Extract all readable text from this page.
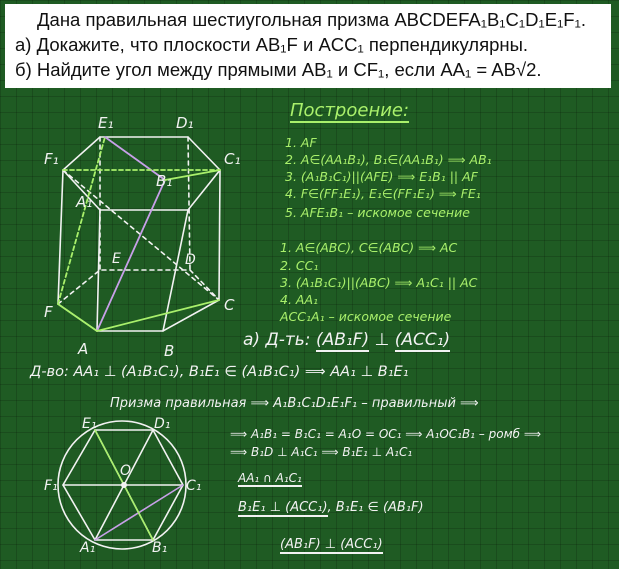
Дана правильная шестиугольная призма ABCDEFA₁B₁C₁D₁E₁F₁.
а) Докажите, что плоскости AB₁F и ACC₁ перпендикулярны.
б) Найдите угол между прямыми AB₁ и CF₁, если AA₁ = AB√2.
E₁	D₁
F₁	C₁
B₁
A₁
E	D
F	C
A	B
Построение:
1. AF
2. A∈(AA₁B₁), B₁∈(AA₁B₁) ⟹ AB₁
3. (A₁B₁C₁)||(AFE) ⟹ E₁B₁ || AF
4. F∈(FF₁E₁), E₁∈(FF₁E₁) ⟹ FE₁
5. AFE₁B₁ – искомое сечение
1. A∈(ABC), C∈(ABC) ⟹ AC
2. CC₁
3. (A₁B₁C₁)||(ABC) ⟹ A₁C₁ || AC
4. AA₁
ACC₁A₁ – искомое сечение
а) Д-ть: (AB₁F) ⊥ (ACC₁)
Д-во: AA₁ ⊥ (A₁B₁C₁), B₁E₁ ∈ (A₁B₁C₁) ⟹ AA₁ ⊥ B₁E₁
Призма правильная ⟹ A₁B₁C₁D₁E₁F₁ – правильный ⟹
⟹ A₁B₁ = B₁C₁ = A₁O = OC₁ ⟹ A₁OC₁B₁ – ромб ⟹
⟹ B₁D ⊥ A₁C₁ ⟹ B₁E₁ ⊥ A₁C₁
AA₁ ∩ A₁C₁
B₁E₁ ⊥ (ACC₁), B₁E₁ ∈ (AB₁F)
(AB₁F) ⊥ (ACC₁)
E₁	D₁
F₁
O
C₁
A₁	B₁
